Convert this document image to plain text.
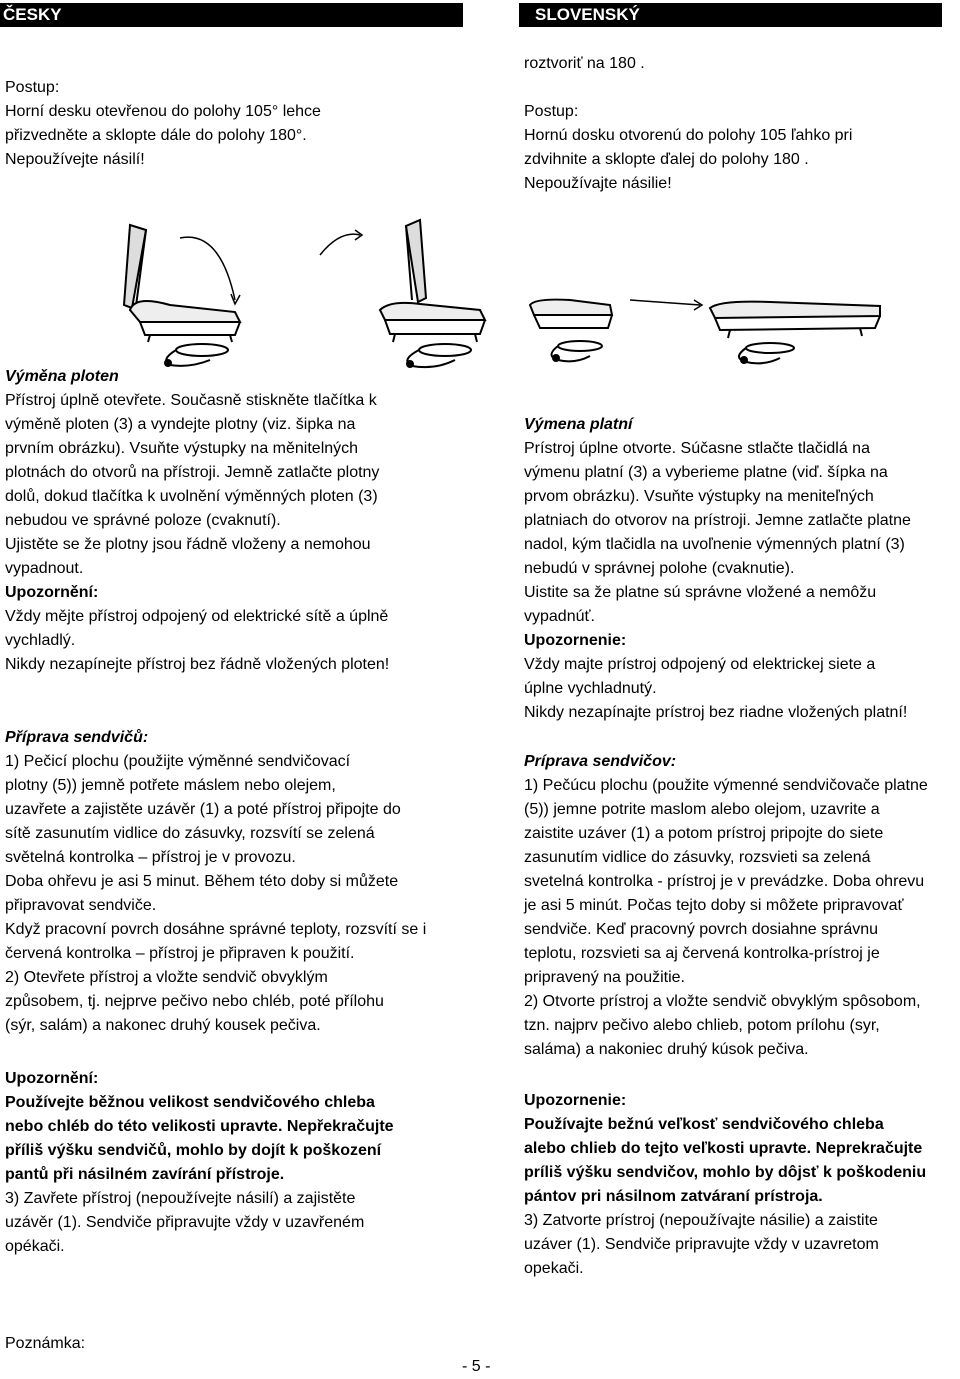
ČESKY	SLOVENSKÝ

Postup:

Horní desku otevřenou do polohy 105° lehce

přizvedněte a sklopte dále do polohy 180°.

Nepoužívejte násilí!

roztvoriť na 180 .

Postup:

Hornú dosku otvorenú do polohy 105 ľahko pri

zdvihnite a sklopte ďalej do polohy 180 .

Nepoužívajte násilie!

Výměna ploten

Přístroj úplně otevřete. Současně stiskněte tlačítka k

výměně ploten (3) a vyndejte plotny (viz. šipka na

prvním obrázku). Vsuňte výstupky na měnitelných

plotnách do otvorů na přístroji. Jemně zatlačte plotny

dolů, dokud tlačítka k uvolnění výměnných ploten (3)

nebudou ve správné poloze (cvaknutí).

Ujistěte se že plotny jsou řádně vloženy a nemohou

vypadnout.

Upozornění:

Vždy mějte přístroj odpojený od elektrické sítě a úplně

vychladlý.

Nikdy nezapínejte přístroj bez řádně vložených ploten!

Výmena platní

Prístroj úplne otvorte. Súčasne stlačte tlačidlá na

výmenu platní (3) a vyberieme platne (viď. šípka na

prvom obrázku). Vsuňte výstupky na meniteľných

platniach do otvorov na prístroji. Jemne zatlačte platne

nadol, kým tlačidla na uvoľnenie výmenných platní (3)

nebudú v správnej polohe (cvaknutie).

Uistite sa že platne sú správne vložené a nemôžu

vypadnúť.

Upozornenie:

Vždy majte prístroj odpojený od elektrickej siete a

úplne vychladnutý.

Nikdy nezapínajte prístroj bez riadne vložených platní!

Příprava sendvičů:

1) Pečicí plochu (použijte výměnné sendvičovací

plotny (5)) jemně potřete máslem nebo olejem,

uzavřete a zajistěte uzávěr (1) a poté přístroj připojte do

sítě zasunutím vidlice do zásuvky, rozsvítí se zelená

světelná kontrolka – přístroj je v provozu.

Doba ohřevu je asi 5 minut. Během této doby si můžete

připravovat sendviče.

Když pracovní povrch dosáhne správné teploty, rozsvítí se i

červená kontrolka – přístroj je připraven k použití.

2) Otevřete přístroj a vložte sendvič obvyklým

způsobem, tj. nejprve pečivo nebo chléb, poté přílohu

(sýr, salám) a nakonec druhý kousek pečiva.

Príprava sendvičov:

1) Pečúcu plochu (použite výmenné sendvičovače platne

(5)) jemne potrite maslom alebo olejom, uzavrite a

zaistite uzáver (1) a potom prístroj pripojte do siete

zasunutím vidlice do zásuvky, rozsvieti sa zelená

svetelná kontrolka - prístroj je v prevádzke. Doba ohrevu

je asi 5 minút. Počas tejto doby si môžete pripravovať

sendviče. Keď pracovný povrch dosiahne správnu

teplotu, rozsvieti sa aj červená kontrolka-prístroj je

pripravený na použitie.

2) Otvorte prístroj a vložte sendvič obvyklým spôsobom,

tzn. najprv pečivo alebo chlieb, potom prílohu (syr,

saláma) a nakoniec druhý kúsok pečiva.

Upozornění:

Používejte běžnou velikost sendvičového chleba

nebo chléb do této velikosti upravte. Nepřekračujte

příliš výšku sendvičů, mohlo by dojít k poškození

pantů při násilném zavírání přístroje.

3) Zavřete přístroj (nepoužívejte násilí) a zajistěte

uzávěr (1). Sendviče připravujte vždy v uzavřeném

opékači.

Upozornenie:

Používajte bežnú veľkosť sendvičového chleba

alebo chlieb do tejto veľkosti upravte. Neprekračujte

príliš výšku sendvičov, mohlo by dôjsť k poškodeniu

pántov pri násilnom zatváraní prístroja.

3) Zatvorte prístroj (nepoužívajte násilie) a zaistite

uzáver (1). Sendviče pripravujte vždy v uzavretom

opekači.

Poznámka:
- 5 -
